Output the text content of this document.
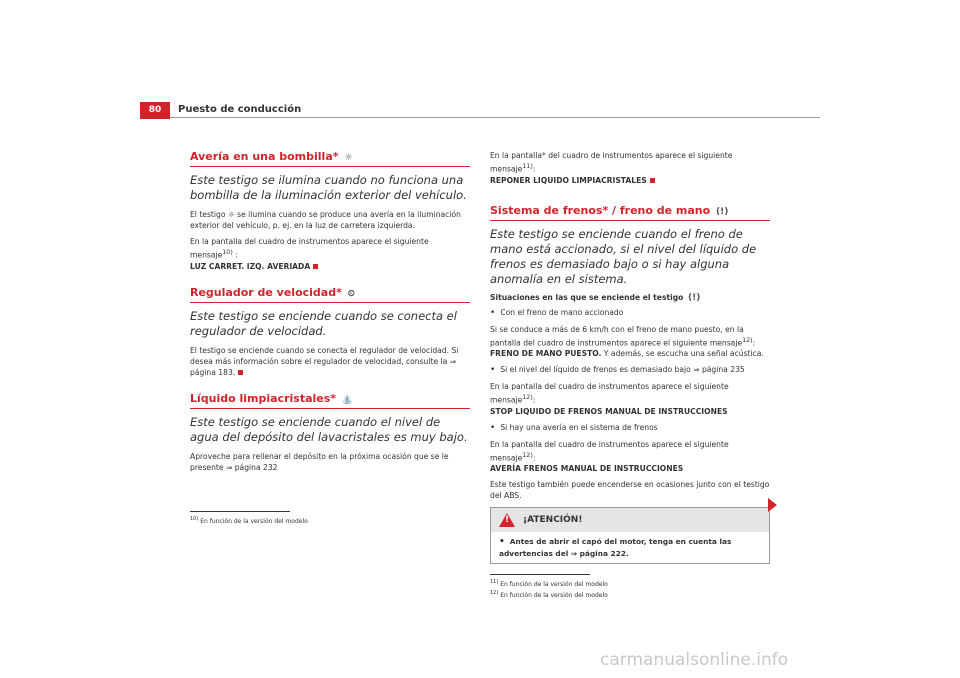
80	Puesto de conducción
Avería en una bombilla* ☼
Este testigo se ilumina cuando no funciona una bombilla de la iluminación exterior del vehículo.

El testigo ☼ se ilumina cuando se produce una avería en la iluminación exterior del vehículo, p. ej. en la luz de carretera izquierda.

En la pantalla del cuadro de instrumentos aparece el siguiente mensaje$^{10)}$ :
LUZ CARRET. IZQ. AVERIADA

Regulador de velocidad* ⏲
Este testigo se enciende cuando se conecta el regulador de velocidad.

El testigo se enciende cuando se conecta el regulador de velocidad. Si desea más información sobre el regulador de velocidad, consulte la ⇒ página 183.

Líquido limpiacristales* ⛲
Este testigo se enciende cuando el nivel de agua del depósito del lavacristales es muy bajo.

Aproveche para rellenar el depósito en la próxima ocasión que se le presente ⇒ página 232

$^{10)}$ En función de la versión del modelo

En la pantalla* del cuadro de instrumentos aparece el siguiente mensaje$^{11)}$:
REPONER LIQUIDO LIMPIACRISTALES

Sistema de frenos* / freno de mano (!)
Este testigo se enciende cuando el freno de mano está accionado, si el nivel del líquido de frenos es demasiado bajo o si hay alguna anomalía en el sistema.

Situaciones en las que se enciende el testigo (!)

• Con el freno de mano accionado

Si se conduce a más de 6 km/h con el freno de mano puesto, en la pantalla del cuadro de instrumentos aparece el siguiente mensaje$^{12)}$: FRENO DE MANO PUESTO. Y además, se escucha una señal acústica.

• Si el nivel del líquido de frenos es demasiado bajo ⇒ página 235

En la pantalla del cuadro de instrumentos aparece el siguiente mensaje$^{12)}$:
STOP LIQUIDO DE FRENOS MANUAL DE INSTRUCCIONES

• Si hay una avería en el sistema de frenos

En la pantalla del cuadro de instrumentos aparece el siguiente mensaje$^{12)}$:
AVERÍA FRENOS MANUAL DE INSTRUCCIONES

Este testigo también puede encenderse en ocasiones junto con el testigo del ABS.

! ¡ATENCIÓN!
• Antes de abrir el capó del motor, tenga en cuenta las advertencias del ⇒ página 222.
$^{11)}$ En función de la versión del modelo
$^{12)}$ En función de la versión del modelo
carmanualsonline.info
